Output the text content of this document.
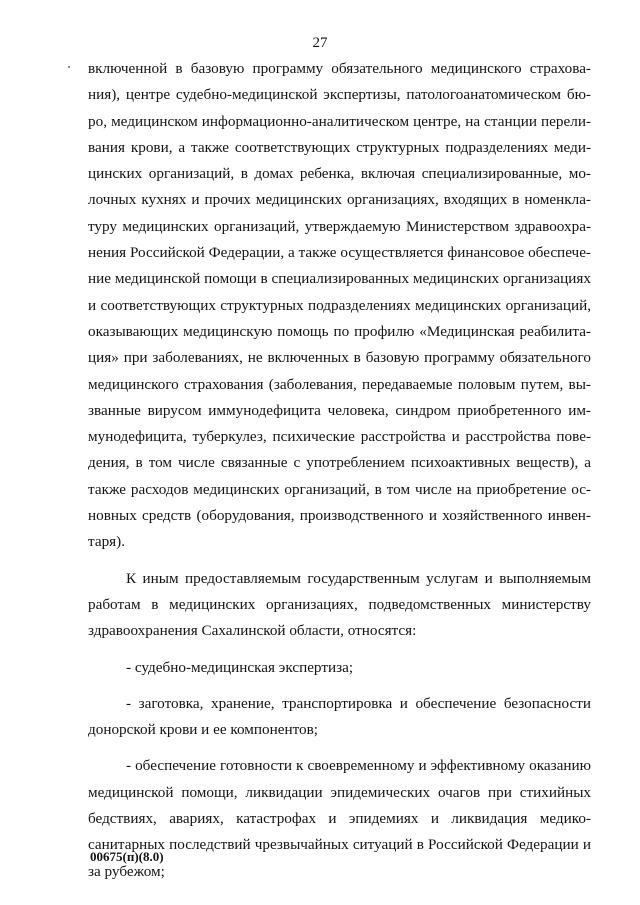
27
включенной в базовую программу обязательного медицинского страхова-
ния), центре судебно-медицинской экспертизы, патологоанатомическом бю-
ро, медицинском информационно-аналитическом центре, на станции перели-
вания крови, а также соответствующих структурных подразделениях меди-
цинских организаций, в домах ребенка, включая специализированные, мо-
лочных кухнях и прочих медицинских организациях, входящих в номенкла-
туру медицинских организаций, утверждаемую Министерством здравоохра-
нения Российской Федерации, а также осуществляется финансовое обеспече-
ние медицинской помощи в специализированных медицинских организациях
и соответствующих структурных подразделениях медицинских организаций,
оказывающих медицинскую помощь по профилю «Медицинская реабилита-
ция» при заболеваниях, не включенных в базовую программу обязательного
медицинского страхования (заболевания, передаваемые половым путем, вы-
званные вирусом иммунодефицита человека, синдром приобретенного им-
мунодефицита, туберкулез, психические расстройства и расстройства пове-
дения, в том числе связанные с употреблением психоактивных веществ), а
также расходов медицинских организаций, в том числе на приобретение ос-
новных средств (оборудования, производственного и хозяйственного инвен-
таря).
К иным предоставляемым государственным услугам и выполняемым
работам в медицинских организациях, подведомственных министерству
здравоохранения Сахалинской области, относятся:
- судебно-медицинская экспертиза;
- заготовка, хранение, транспортировка и обеспечение безопасности
донорской крови и ее компонентов;
- обеспечение готовности к своевременному и эффективному оказанию
медицинской помощи, ликвидации эпидемических очагов при стихийных
бедствиях, авариях, катастрофах и эпидемиях и ликвидация медико-
санитарных последствий чрезвычайных ситуаций в Российской Федерации и
за рубежом;
00675(п)(8.0)
